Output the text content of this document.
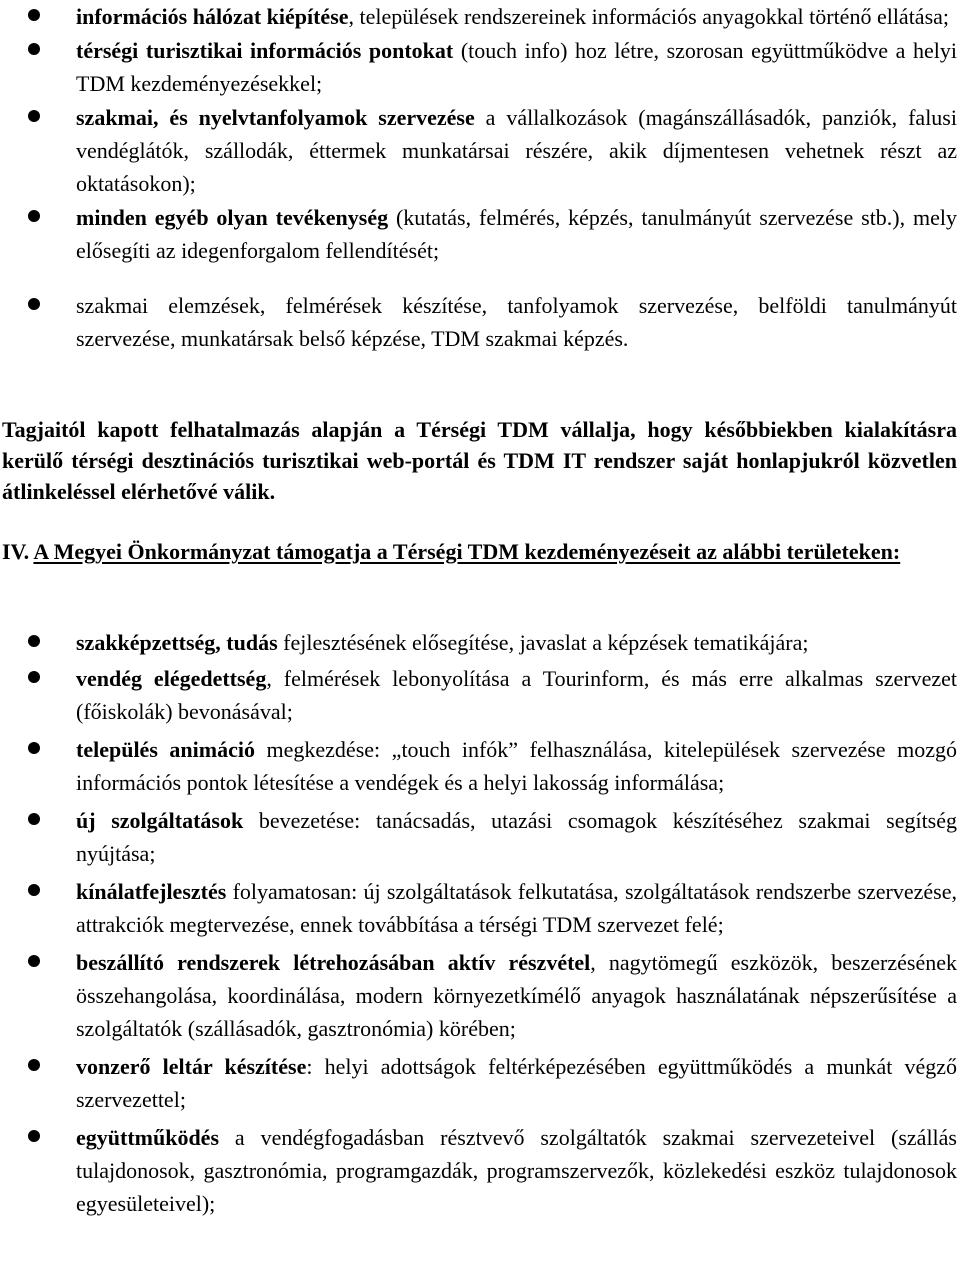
információs hálózat kiépítése, települések rendszereinek információs anyagokkal történő ellátása;
térségi turisztikai információs pontokat (touch info) hoz létre, szorosan együttműködve a helyi TDM kezdeményezésekkel;
szakmai, és nyelvtanfolyamok szervezése a vállalkozások (magánszállásadók, panziók, falusi vendéglátók, szállodák, éttermek munkatársai részére, akik díjmentesen vehetnek részt az oktatásokon);
minden egyéb olyan tevékenység (kutatás, felmérés, képzés, tanulmányút szervezése stb.), mely elősegíti az idegenforgalom fellendítését;
szakmai elemzések, felmérések készítése, tanfolyamok szervezése, belföldi tanulmányút szervezése, munkatársak belső képzése, TDM szakmai képzés.

Tagjaitól kapott felhatalmazás alapján a Térségi TDM vállalja, hogy későbbiekben kialakításra kerülő térségi desztinációs turisztikai web-portál és TDM IT rendszer saját honlapjukról közvetlen átlinkeléssel elérhetővé válik.

IV. A Megyei Önkormányzat támogatja a Térségi TDM kezdeményezéseit az alábbi területeken:

szakképzettség, tudás fejlesztésének elősegítése, javaslat a képzések tematikájára;
vendég elégedettség, felmérések lebonyolítása a Tourinform, és más erre alkalmas szervezet (főiskolák) bevonásával;
település animáció megkezdése: „touch infók” felhasználása, kitelepülések szervezése mozgó információs pontok létesítése a vendégek és a helyi lakosság informálása;
új szolgáltatások bevezetése: tanácsadás, utazási csomagok készítéséhez szakmai segítség nyújtása;
kínálatfejlesztés folyamatosan: új szolgáltatások felkutatása, szolgáltatások rendszerbe szervezése, attrakciók megtervezése, ennek továbbítása a térségi TDM szervezet felé;
beszállító rendszerek létrehozásában aktív részvétel, nagytömegű eszközök, beszerzésének összehangolása, koordinálása, modern környezetkímélő anyagok használatának népszerűsítése a szolgáltatók (szállásadók, gasztronómia) körében;
vonzerő leltár készítése: helyi adottságok feltérképezésében együttműködés a munkát végző szervezettel;
együttműködés a vendégfogadásban résztvevő szolgáltatók szakmai szervezeteivel (szállás tulajdonosok, gasztronómia, programgazdák, programszervezők, közlekedési eszköz tulajdonosok egyesületeivel);
